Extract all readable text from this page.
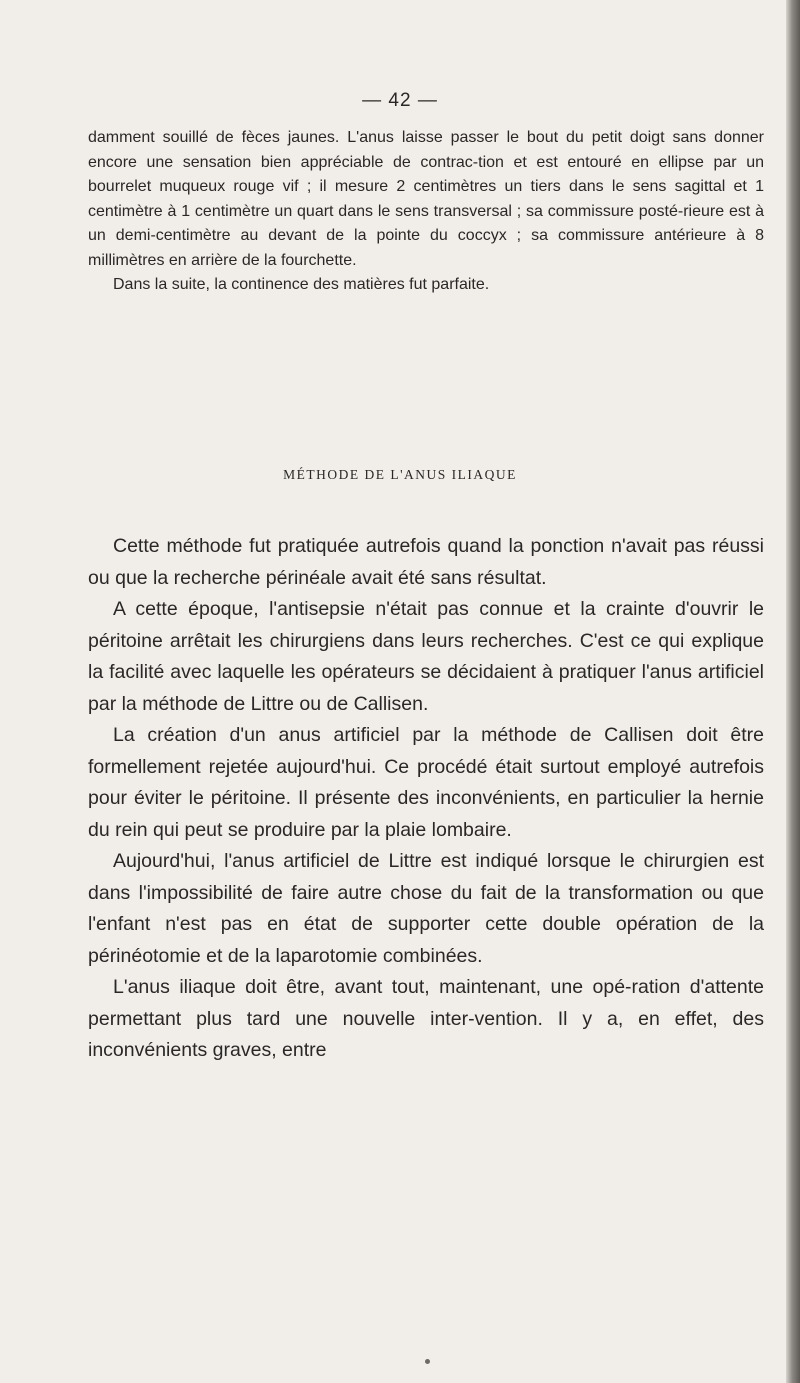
— 42 —

damment souillé de fèces jaunes. L'anus laisse passer le bout du petit doigt sans donner encore une sensation bien appréciable de contrac-tion et est entouré en ellipse par un bourrelet muqueux rouge vif ; il mesure 2 centimètres un tiers dans le sens sagittal et 1 centimètre à 1 centimètre un quart dans le sens transversal ; sa commissure posté-rieure est à un demi-centimètre au devant de la pointe du coccyx ; sa commissure antérieure à 8 millimètres en arrière de la fourchette.

Dans la suite, la continence des matières fut parfaite.

MÉTHODE DE L'ANUS ILIAQUE

Cette méthode fut pratiquée autrefois quand la ponction n'avait pas réussi ou que la recherche périnéale avait été sans résultat.

A cette époque, l'antisepsie n'était pas connue et la crainte d'ouvrir le péritoine arrêtait les chirurgiens dans leurs recherches. C'est ce qui explique la facilité avec laquelle les opérateurs se décidaient à pratiquer l'anus artificiel par la méthode de Littre ou de Callisen.

La création d'un anus artificiel par la méthode de Callisen doit être formellement rejetée aujourd'hui. Ce procédé était surtout employé autrefois pour éviter le péritoine. Il présente des inconvénients, en particulier la hernie du rein qui peut se produire par la plaie lombaire.

Aujourd'hui, l'anus artificiel de Littre est indiqué lorsque le chirurgien est dans l'impossibilité de faire autre chose du fait de la transformation ou que l'enfant n'est pas en état de supporter cette double opération de la périnéotomie et de la laparotomie combinées.

L'anus iliaque doit être, avant tout, maintenant, une opé-ration d'attente permettant plus tard une nouvelle inter-vention. Il y a, en effet, des inconvénients graves, entre
